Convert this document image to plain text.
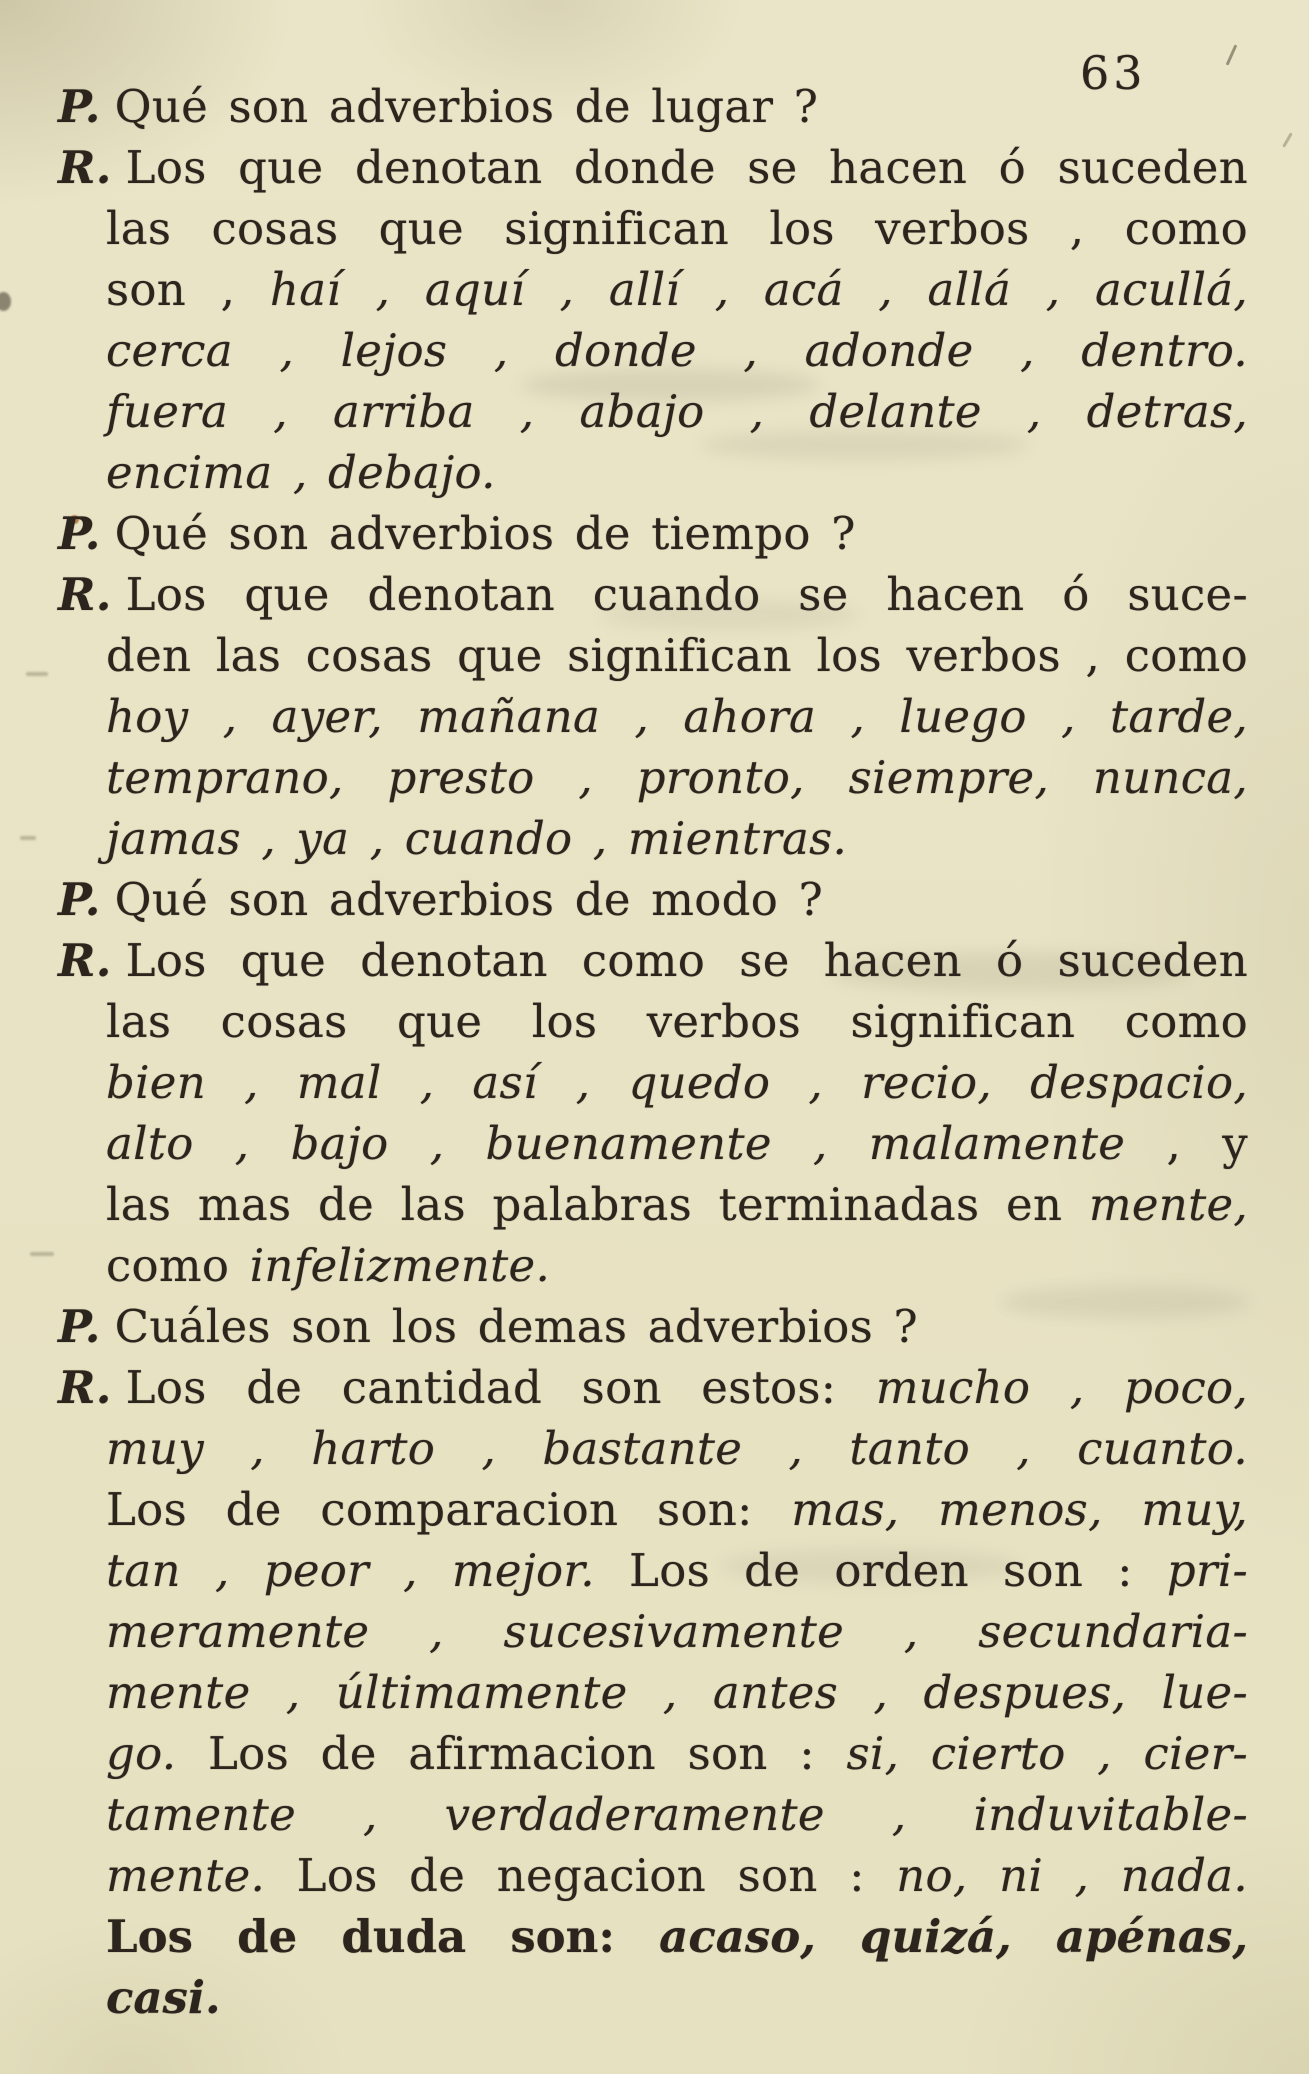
63
P. Qué son adverbios de lugar ?
R. Los que denotan donde se hacen ó suceden
las cosas que significan los verbos , como
son , haí , aquí , allí , acá , allá , acullá,
cerca , lejos , donde , adonde , dentro.
fuera , arriba , abajo , delante , detras,
encima , debajo.
P. Qué son adverbios de tiempo ?
R. Los que denotan cuando se hacen ó suce-
den las cosas que significan los verbos , como
hoy , ayer, mañana , ahora , luego , tarde,
temprano, presto , pronto, siempre, nunca,
jamas , ya , cuando , mientras.
P. Qué son adverbios de modo ?
R. Los que denotan como se hacen ó suceden
las cosas que los verbos significan como
bien , mal , así , quedo , recio, despacio,
alto , bajo , buenamente , malamente , y
las mas de las palabras terminadas en mente,
como infelizmente.
P. Cuáles son los demas adverbios ?
R. Los de cantidad son estos: mucho , poco,
muy , harto , bastante , tanto , cuanto.
Los de comparacion son: mas, menos, muy,
tan , peor , mejor. Los de orden son : pri-
meramente , sucesivamente , secundaria-
mente , últimamente , antes , despues, lue-
go. Los de afirmacion son : si, cierto , cier-
tamente , verdaderamente , induvitable-
mente. Los de negacion son : no, ni , nada.
Los de duda son: acaso, quizá, apénas, casi.
